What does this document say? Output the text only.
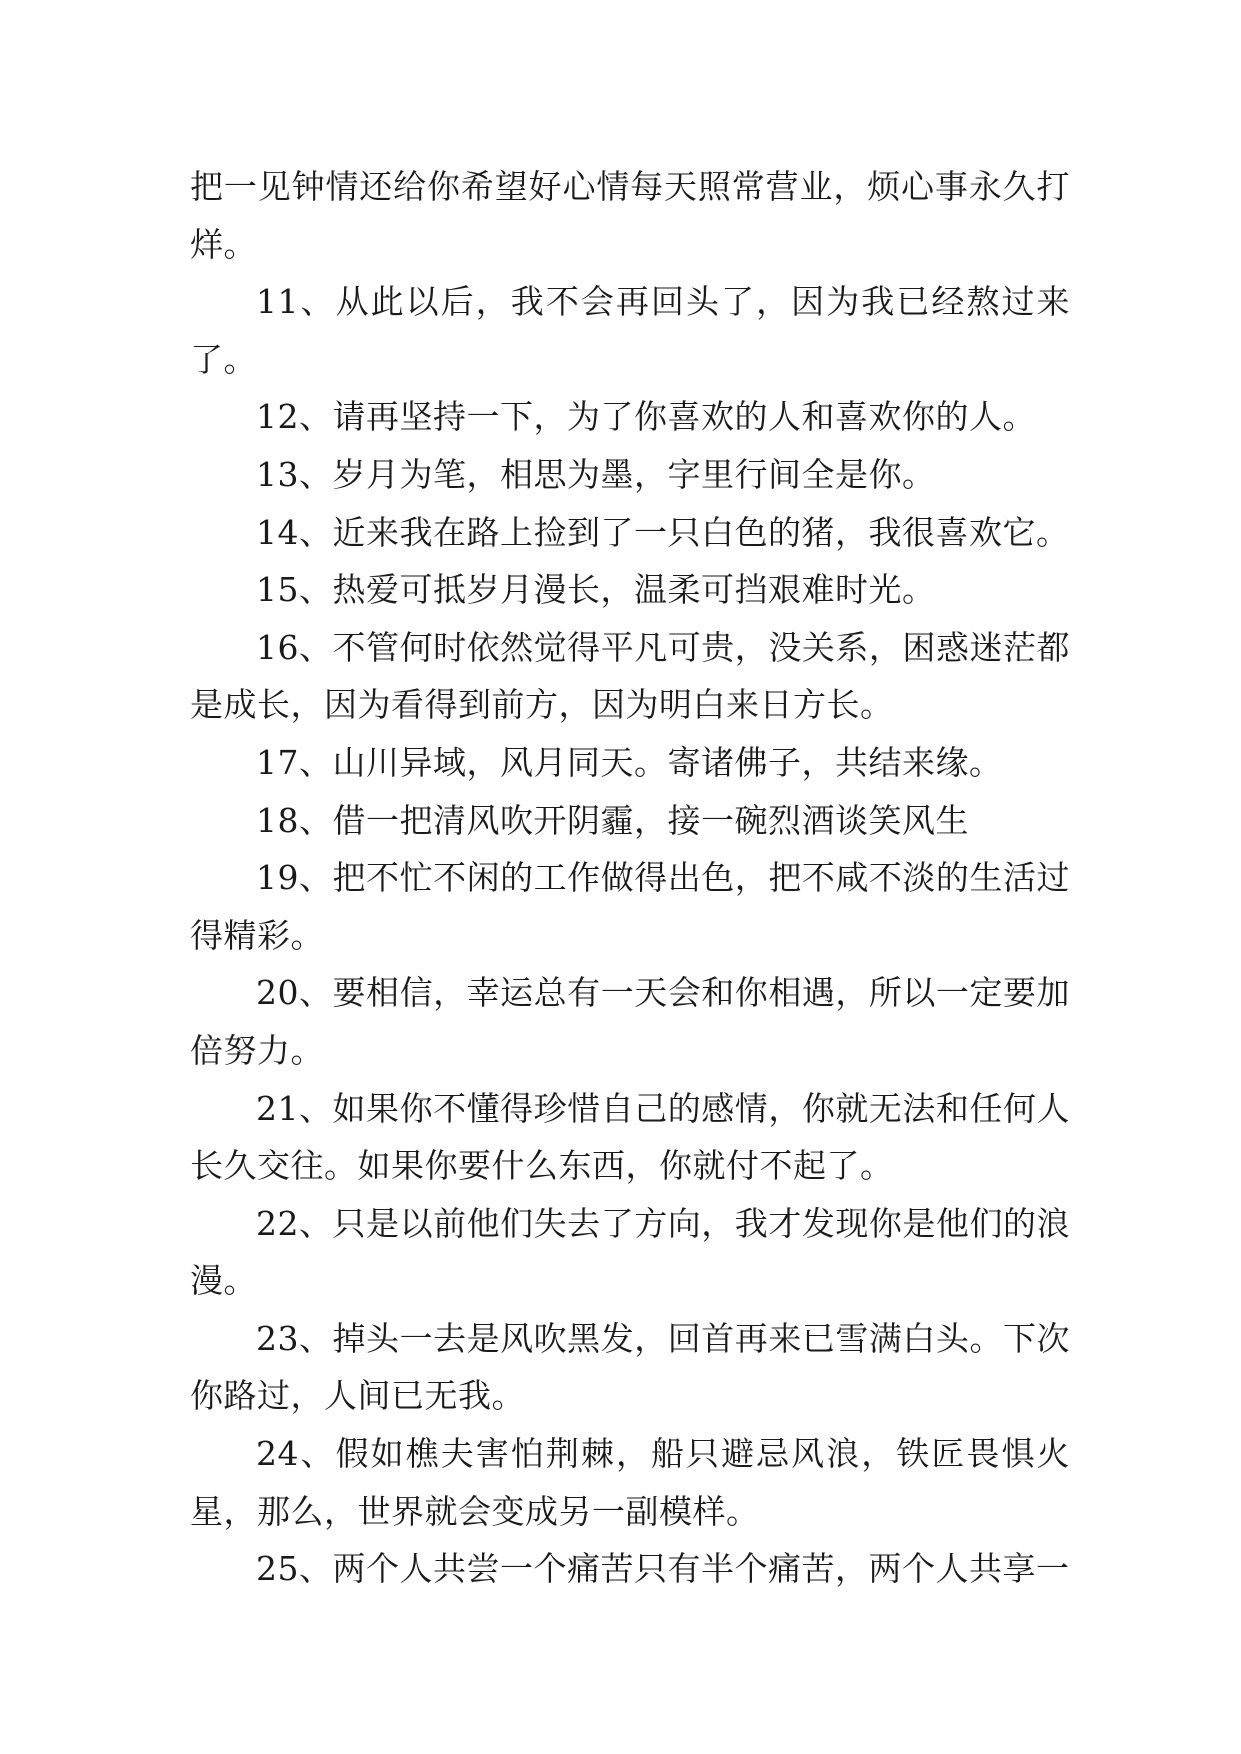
把一见钟情还给你希望好心情每天照常营业，烦心事永久打烊。

11、从此以后，我不会再回头了，因为我已经熬过来了。

12、请再坚持一下，为了你喜欢的人和喜欢你的人。

13、岁月为笔，相思为墨，字里行间全是你。

14、近来我在路上捡到了一只白色的猪，我很喜欢它。

15、热爱可抵岁月漫长，温柔可挡艰难时光。

16、不管何时依然觉得平凡可贵，没关系，困惑迷茫都是成长，因为看得到前方，因为明白来日方长。

17、山川异域，风月同天。寄诸佛子，共结来缘。

18、借一把清风吹开阴霾，接一碗烈酒谈笑风生

19、把不忙不闲的工作做得出色，把不咸不淡的生活过得精彩。

20、要相信，幸运总有一天会和你相遇，所以一定要加倍努力。

21、如果你不懂得珍惜自己的感情，你就无法和任何人长久交往。如果你要什么东西，你就付不起了。

22、只是以前他们失去了方向，我才发现你是他们的浪漫。

23、掉头一去是风吹黑发，回首再来已雪满白头。下次你路过，人间已无我。

24、假如樵夫害怕荆棘，船只避忌风浪，铁匠畏惧火星，那么，世界就会变成另一副模样。

25、两个人共尝一个痛苦只有半个痛苦，两个人共享一
